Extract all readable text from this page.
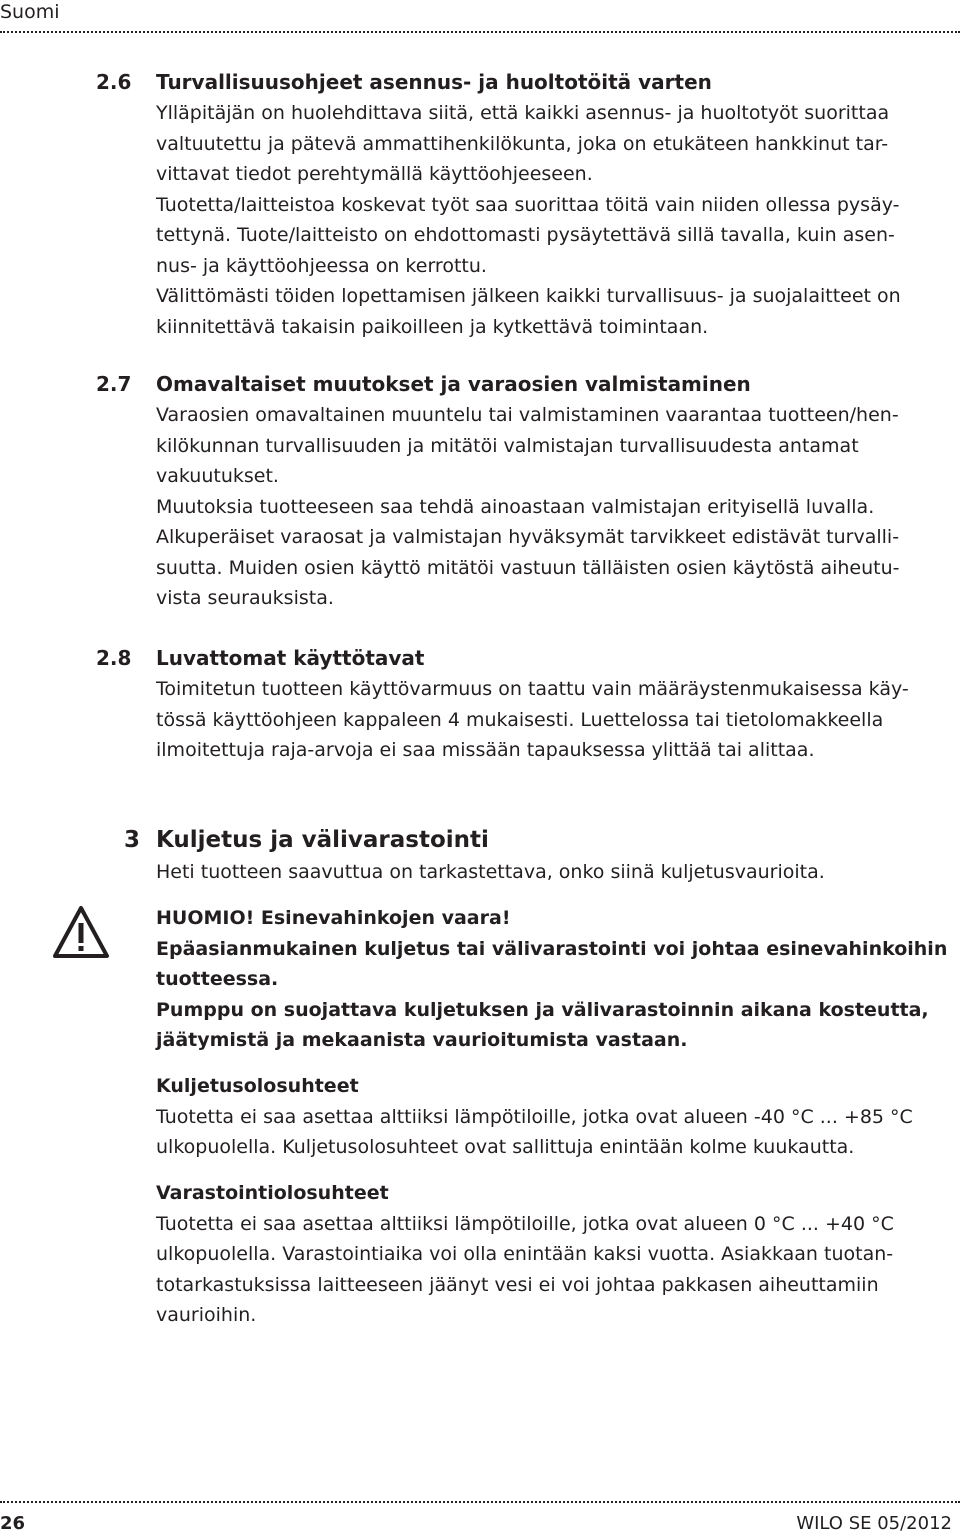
Suomi
2.6 Turvallisuusohjeet asennus- ja huoltotöitä varten

Ylläpitäjän on huolehdittava siitä, että kaikki asennus- ja huoltotyöt suorittaa

valtuutettu ja pätevä ammattihenkilökunta, joka on etukäteen hankkinut tar-

vittavat tiedot perehtymällä käyttöohjeeseen.

Tuotetta/laitteistoa koskevat työt saa suorittaa töitä vain niiden ollessa pysäy-

tettynä. Tuote/laitteisto on ehdottomasti pysäytettävä sillä tavalla, kuin asen-

nus- ja käyttöohjeessa on kerrottu.

Välittömästi töiden lopettamisen jälkeen kaikki turvallisuus- ja suojalaitteet on

kiinnitettävä takaisin paikoilleen ja kytkettävä toimintaan.

2.7 Omavaltaiset muutokset ja varaosien valmistaminen

Varaosien omavaltainen muuntelu tai valmistaminen vaarantaa tuotteen/hen-

kilökunnan turvallisuuden ja mitätöi valmistajan turvallisuudesta antamat

vakuutukset.

Muutoksia tuotteeseen saa tehdä ainoastaan valmistajan erityisellä luvalla.

Alkuperäiset varaosat ja valmistajan hyväksymät tarvikkeet edistävät turvalli-

suutta. Muiden osien käyttö mitätöi vastuun tälläisten osien käytöstä aiheutu-

vista seurauksista.

2.8 Luvattomat käyttötavat

Toimitetun tuotteen käyttövarmuus on taattu vain määräystenmukaisessa käy-

tössä käyttöohjeen kappaleen 4 mukaisesti. Luettelossa tai tietolomakkeella

ilmoitettuja raja-arvoja ei saa missään tapauksessa ylittää tai alittaa.

3 Kuljetus ja välivarastointi

Heti tuotteen saavuttua on tarkastettava, onko siinä kuljetusvaurioita.

HUOMIO! Esinevahinkojen vaara!

Epäasianmukainen kuljetus tai välivarastointi voi johtaa esinevahinkoihin

tuotteessa.

Pumppu on suojattava kuljetuksen ja välivarastoinnin aikana kosteutta,

jäätymistä ja mekaanista vaurioitumista vastaan.

Kuljetusolosuhteet

Tuotetta ei saa asettaa alttiiksi lämpötiloille, jotka ovat alueen -40 °C ... +85 °C

ulkopuolella. Kuljetusolosuhteet ovat sallittuja enintään kolme kuukautta.

Varastointiolosuhteet

Tuotetta ei saa asettaa alttiiksi lämpötiloille, jotka ovat alueen 0 °C ... +40 °C

ulkopuolella. Varastointiaika voi olla enintään kaksi vuotta. Asiakkaan tuotan-

totarkastuksissa laitteeseen jäänyt vesi ei voi johtaa pakkasen aiheuttamiin

vaurioihin.

26	WILO SE 05/2012
